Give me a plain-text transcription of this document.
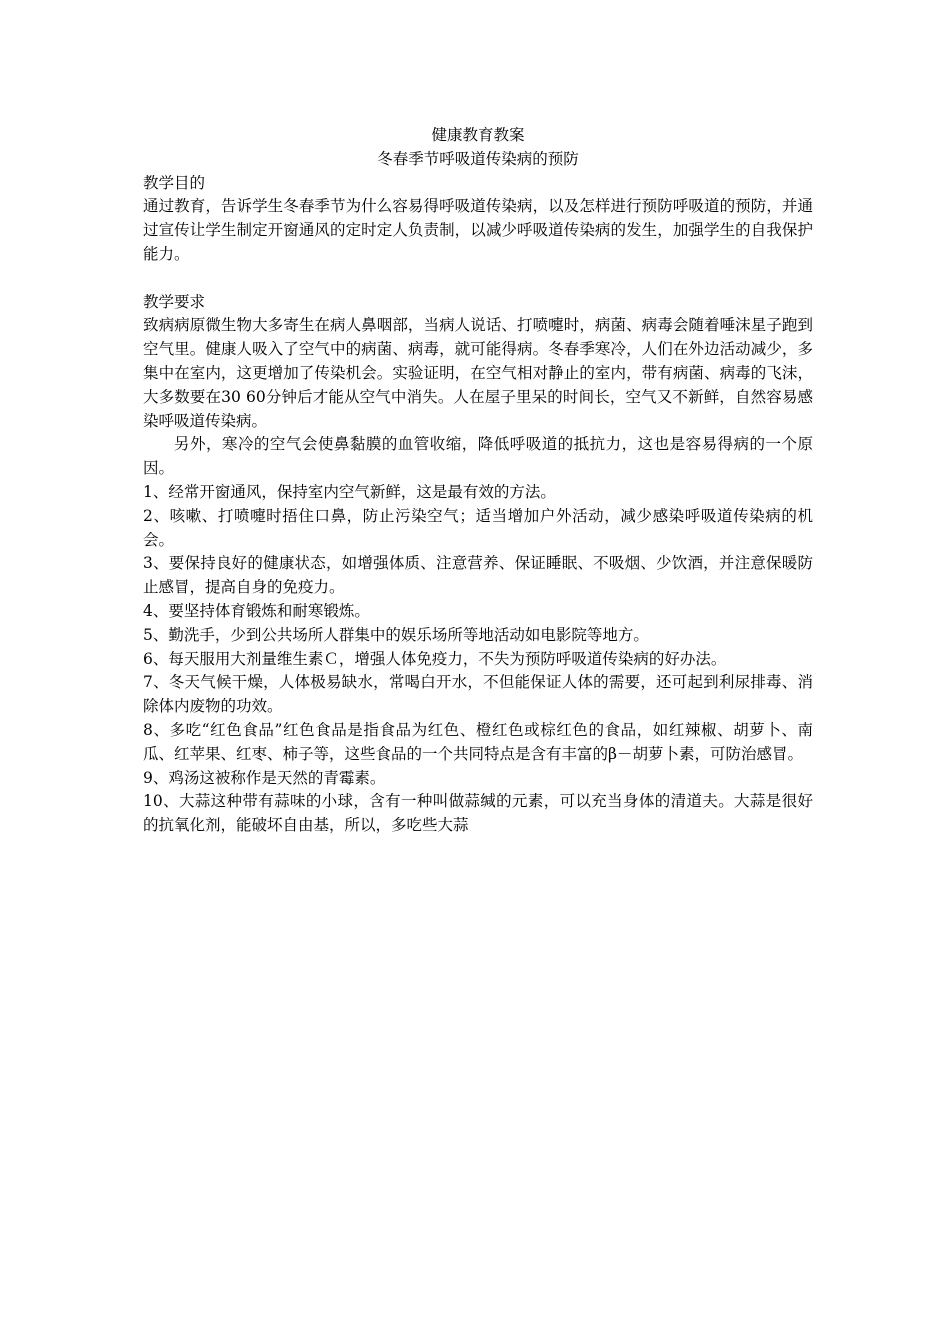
健康教育教案

冬春季节呼吸道传染病的预防

教学目的

通过教育，告诉学生冬春季节为什么容易得呼吸道传染病，以及怎样进行预防呼吸道的预防，并通过宣传让学生制定开窗通风的定时定人负责制，以减少呼吸道传染病的发生，加强学生的自我保护能力。

教学要求

致病病原微生物大多寄生在病人鼻咽部，当病人说话、打喷嚏时，病菌、病毒会随着唾沫星子跑到空气里。健康人吸入了空气中的病菌、病毒，就可能得病。冬春季寒冷，人们在外边活动减少，多集中在室内，这更增加了传染机会。实验证明，在空气相对静止的室内，带有病菌、病毒的飞沫，大多数要在30 60分钟后才能从空气中消失。人在屋子里呆的时间长，空气又不新鲜，自然容易感染呼吸道传染病。

另外，寒冷的空气会使鼻黏膜的血管收缩，降低呼吸道的抵抗力，这也是容易得病的一个原因。

1、经常开窗通风，保持室内空气新鲜，这是最有效的方法。
2、咳嗽、打喷嚏时捂住口鼻，防止污染空气；适当增加户外活动，减少感染呼吸道传染病的机会。
3、要保持良好的健康状态，如增强体质、注意营养、保证睡眠、不吸烟、少饮酒，并注意保暖防止感冒，提高自身的免疫力。
4、要坚持体育锻炼和耐寒锻炼。
5、勤洗手，少到公共场所人群集中的娱乐场所等地活动如电影院等地方。
6、每天服用大剂量维生素Ｃ，增强人体免疫力，不失为预防呼吸道传染病的好办法。
7、冬天气候干燥，人体极易缺水，常喝白开水，不但能保证人体的需要，还可起到利尿排毒、消除体内废物的功效。
8、多吃“红色食品”红色食品是指食品为红色、橙红色或棕红色的食品，如红辣椒、胡萝卜、南瓜、红苹果、红枣、柿子等，这些食品的一个共同特点是含有丰富的β－胡萝卜素，可防治感冒。
9、鸡汤这被称作是天然的青霉素。
10、大蒜这种带有蒜味的小球，含有一种叫做蒜缄的元素，可以充当身体的清道夫。大蒜是很好的抗氧化剂，能破坏自由基，所以，多吃些大蒜
